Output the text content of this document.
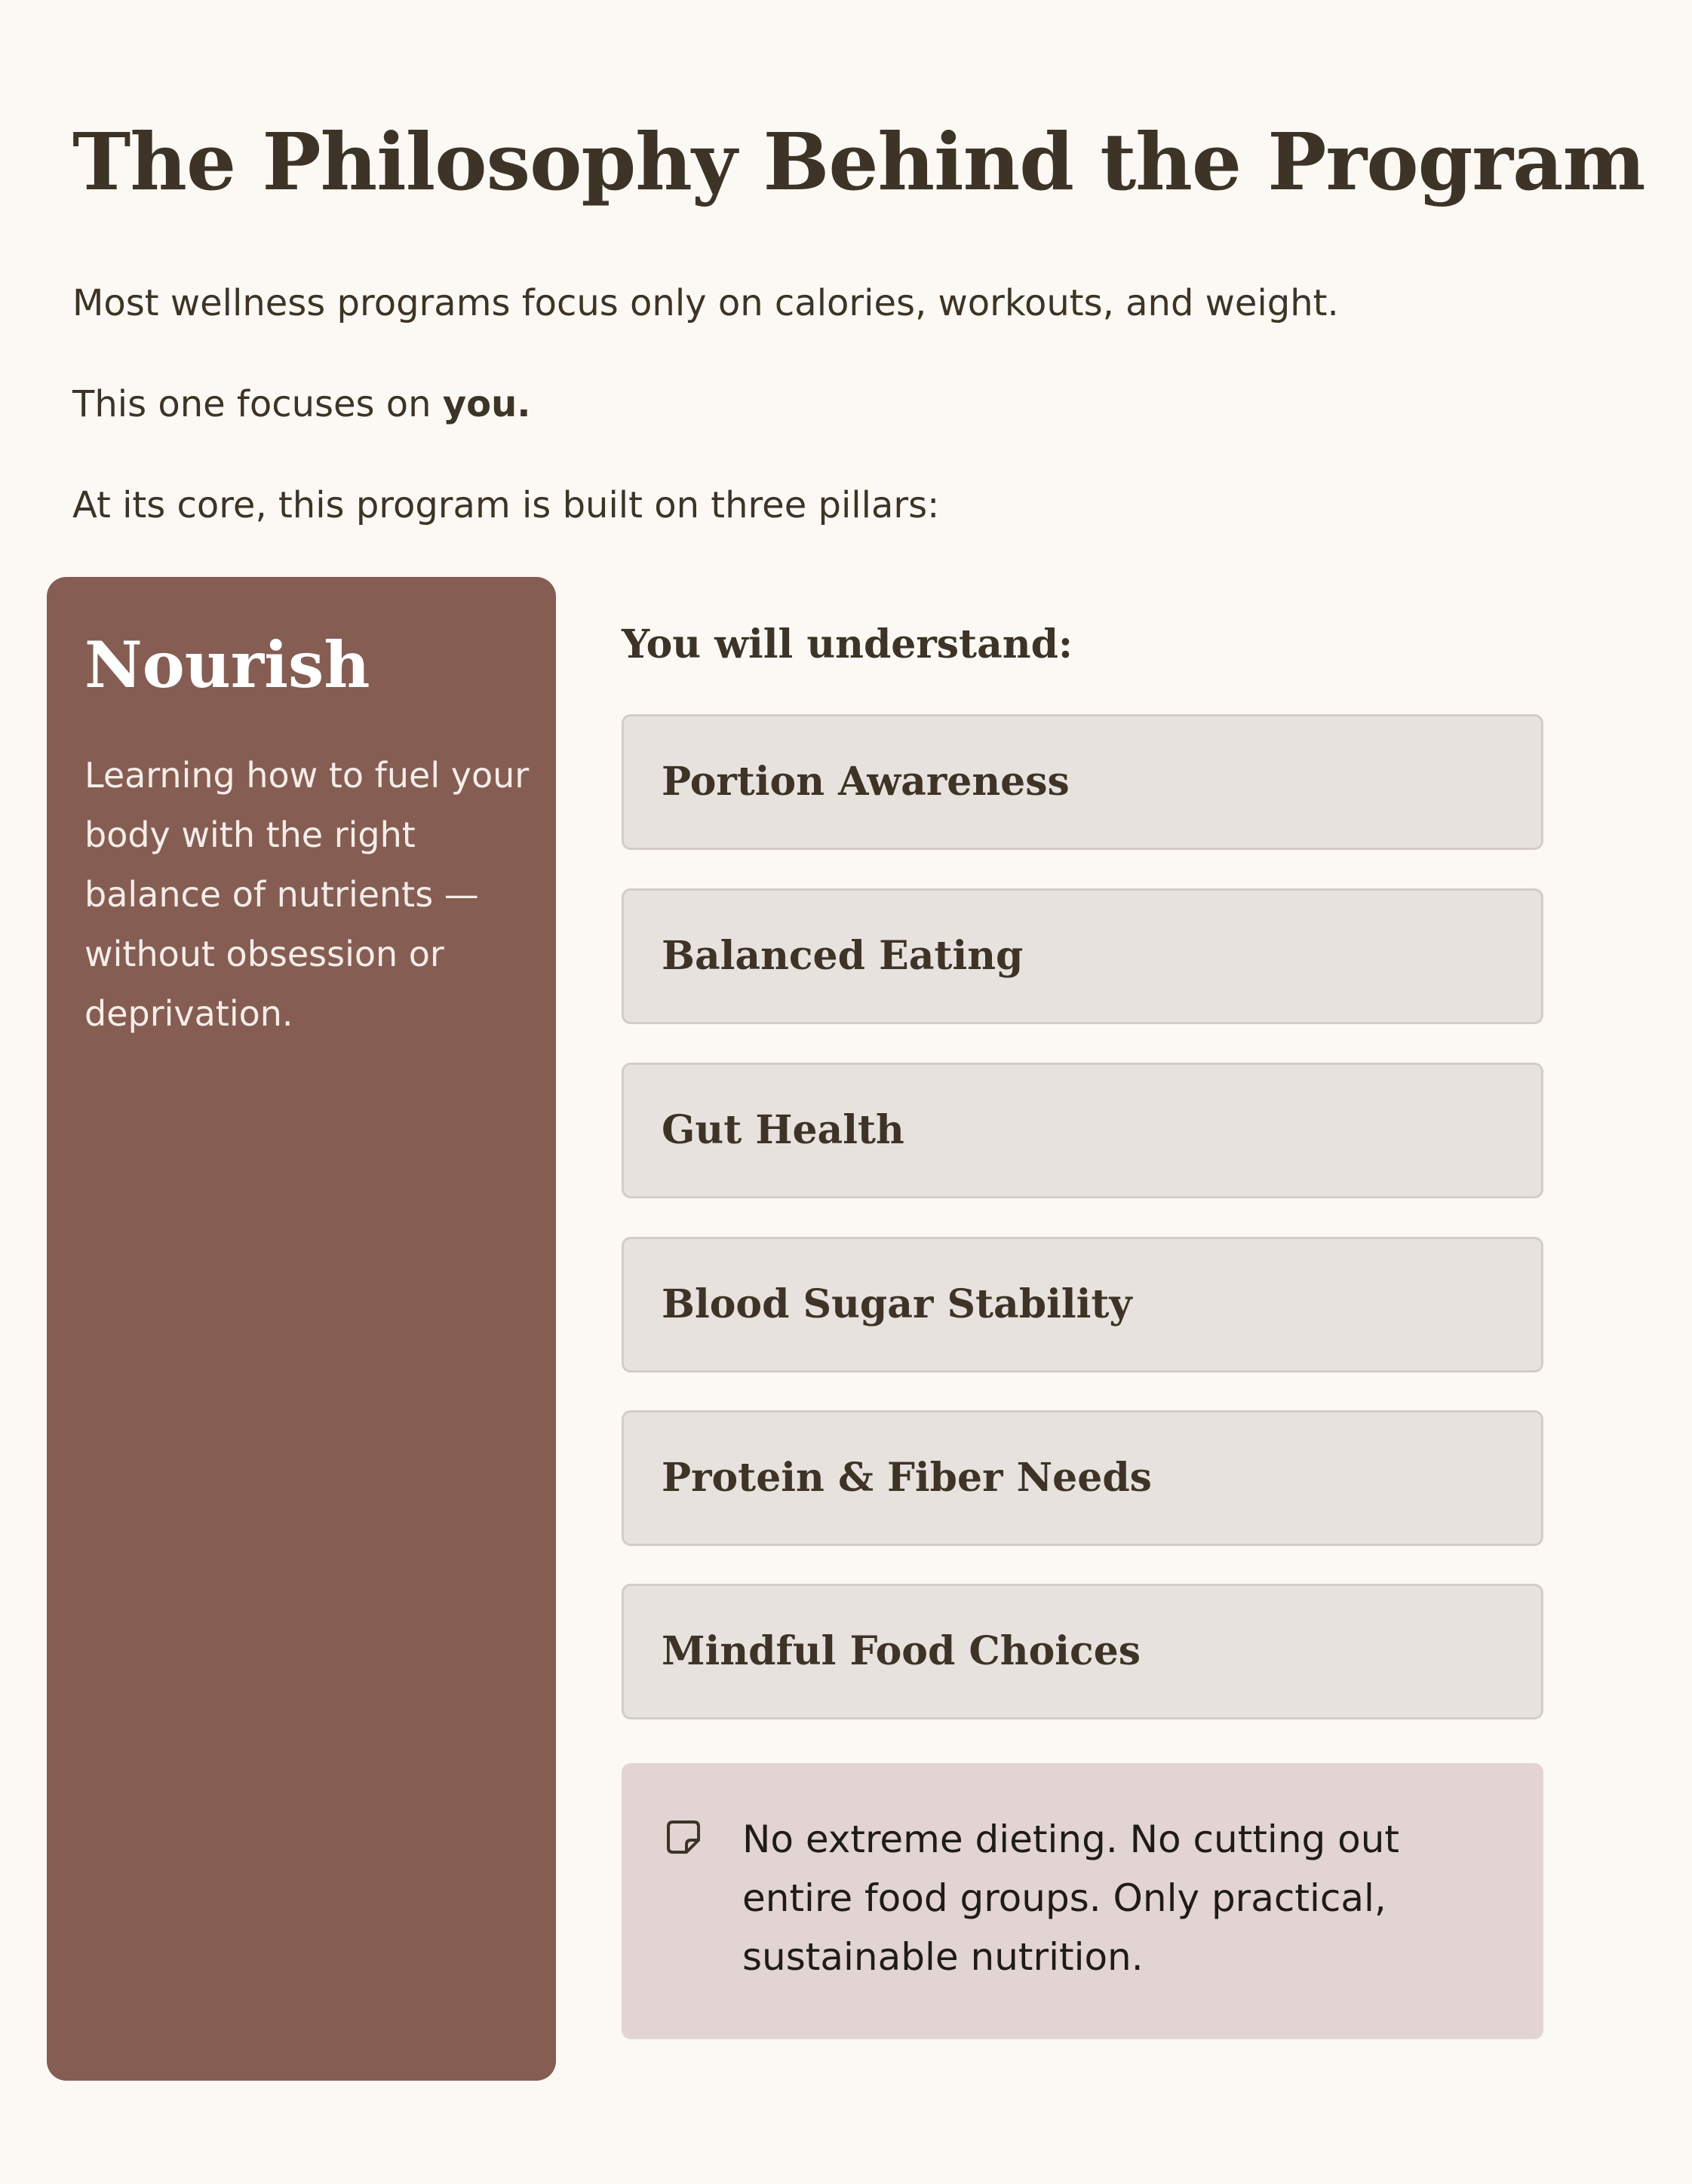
The Philosophy Behind the Program

Most wellness programs focus only on calories, workouts, and weight.

This one focuses on you.

At its core, this program is built on three pillars:

Nourish

Learning how to fuel your body with the right balance of nutrients — without obsession or deprivation.

You will understand:
Portion Awareness
Balanced Eating
Gut Health
Blood Sugar Stability
Protein & Fiber Needs
Mindful Food Choices

No extreme dieting. No cutting out entire food groups. Only practical, sustainable nutrition.
